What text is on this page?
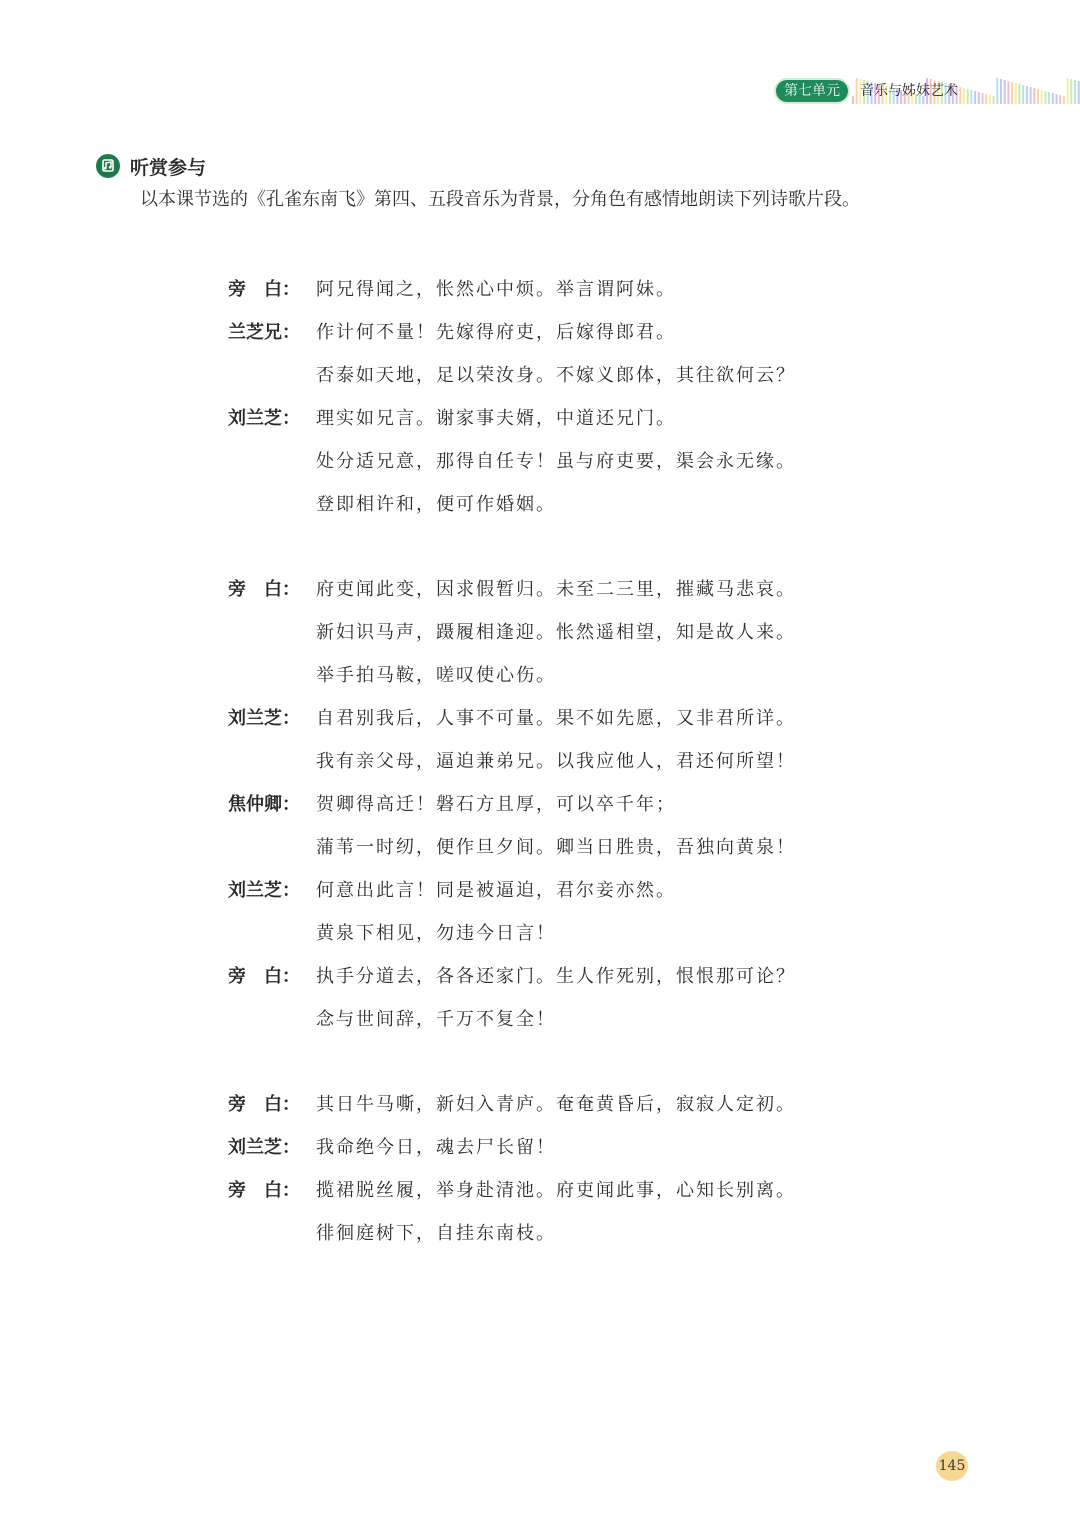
第七单元	音乐与姊妹艺术
听赏参与
以本课节选的《孔雀东南飞》第四、五段音乐为背景，分角色有感情地朗读下列诗歌片段。
旁　白： 阿兄得闻之，怅然心中烦。举言谓阿妹。
兰芝兄： 作计何不量！先嫁得府吏，后嫁得郎君。
否泰如天地，足以荣汝身。不嫁义郎体，其往欲何云？
刘兰芝： 理实如兄言。谢家事夫婿，中道还兄门。
处分适兄意，那得自任专！虽与府吏要，渠会永无缘。
登即相许和，便可作婚姻。
旁　白： 府吏闻此变，因求假暂归。未至二三里，摧藏马悲哀。
新妇识马声，蹑履相逢迎。怅然遥相望，知是故人来。
举手拍马鞍，嗟叹使心伤。
刘兰芝： 自君别我后，人事不可量。果不如先愿，又非君所详。
我有亲父母，逼迫兼弟兄。以我应他人，君还何所望！
焦仲卿： 贺卿得高迁！磐石方且厚，可以卒千年；
蒲苇一时纫，便作旦夕间。卿当日胜贵，吾独向黄泉！
刘兰芝： 何意出此言！同是被逼迫，君尔妾亦然。
黄泉下相见，勿违今日言！
旁　白： 执手分道去，各各还家门。生人作死别，恨恨那可论？
念与世间辞，千万不复全！
旁　白： 其日牛马嘶，新妇入青庐。奄奄黄昏后，寂寂人定初。
刘兰芝： 我命绝今日，魂去尸长留！
旁　白： 揽裙脱丝履，举身赴清池。府吏闻此事，心知长别离。
徘徊庭树下，自挂东南枝。
145
